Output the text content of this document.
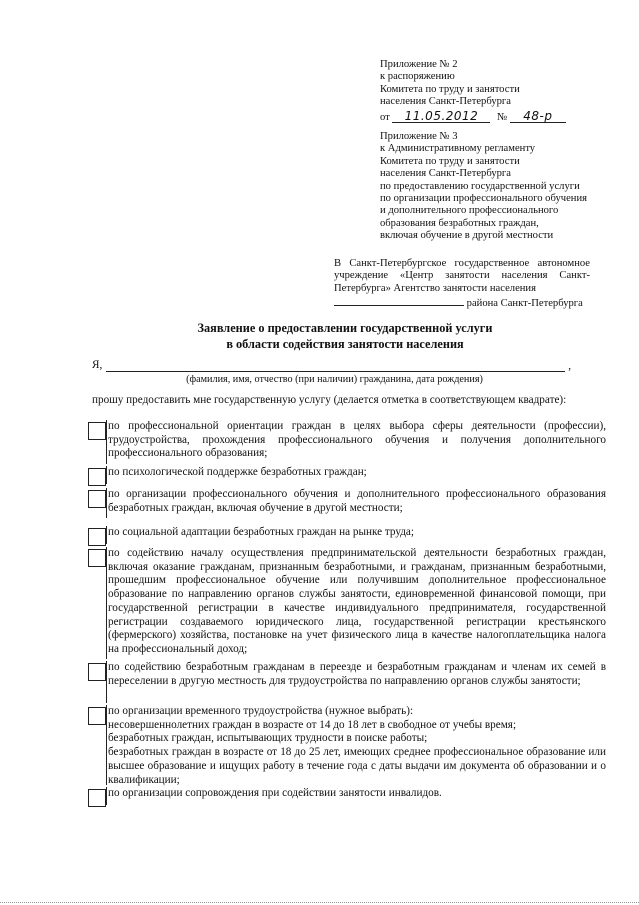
Приложение № 2
к распоряжению
Комитета по труду и занятости
населения Санкт-Петербурга
от 11.05.2012 № 48-р
Приложение № 3
к Административному регламенту
Комитета по труду и занятости
населения Санкт-Петербурга
по предоставлению государственной услуги
по организации профессионального обучения
и дополнительного профессионального
образования безработных граждан,
включая обучение в другой местности

В Санкт-Петербургское государственное автономное учреждение «Центр занятости населения Санкт-Петербурга» Агентство занятости населения

района Санкт-Петербурга

Заявление о предоставлении государственной услуги
в области содействия занятости населения
Я,	,
(фамилия, имя, отчество (при наличии) гражданина, дата рождения)
прошу предоставить мне государственную услугу (делается отметка в соответствующем квадрате):
по профессиональной ориентации граждан в целях выбора сферы деятельности (профессии), трудоустройства, прохождения профессионального обучения и получения дополнительного профессионального образования;
по психологической поддержке безработных граждан;
по организации профессионального обучения и дополнительного профессионального образования безработных граждан, включая обучение в другой местности;
по социальной адаптации безработных граждан на рынке труда;
по содействию началу осуществления предпринимательской деятельности безработных граждан, включая оказание гражданам, признанным безработными, и гражданам, признанным безработными, прошедшим профессиональное обучение или получившим дополнительное профессиональное образование по направлению органов службы занятости, единовременной финансовой помощи, при государственной регистрации в качестве индивидуального предпринимателя, государственной регистрации создаваемого юридического лица, государственной регистрации крестьянского (фермерского) хозяйства, постановке на учет физического лица в качестве налогоплательщика налога на профессиональный доход;
по содействию безработным гражданам в переезде и безработным гражданам и членам их семей в переселении в другую местность для трудоустройства по направлению органов службы занятости;
по организации временного трудоустройства (нужное выбрать):
несовершеннолетних граждан в возрасте от 14 до 18 лет в свободное от учебы время;
безработных граждан, испытывающих трудности в поиске работы;
безработных граждан в возрасте от 18 до 25 лет, имеющих среднее профессиональное образование или высшее образование и ищущих работу в течение года с даты выдачи им документа об образовании и о квалификации;
по организации сопровождения при содействии занятости инвалидов.
